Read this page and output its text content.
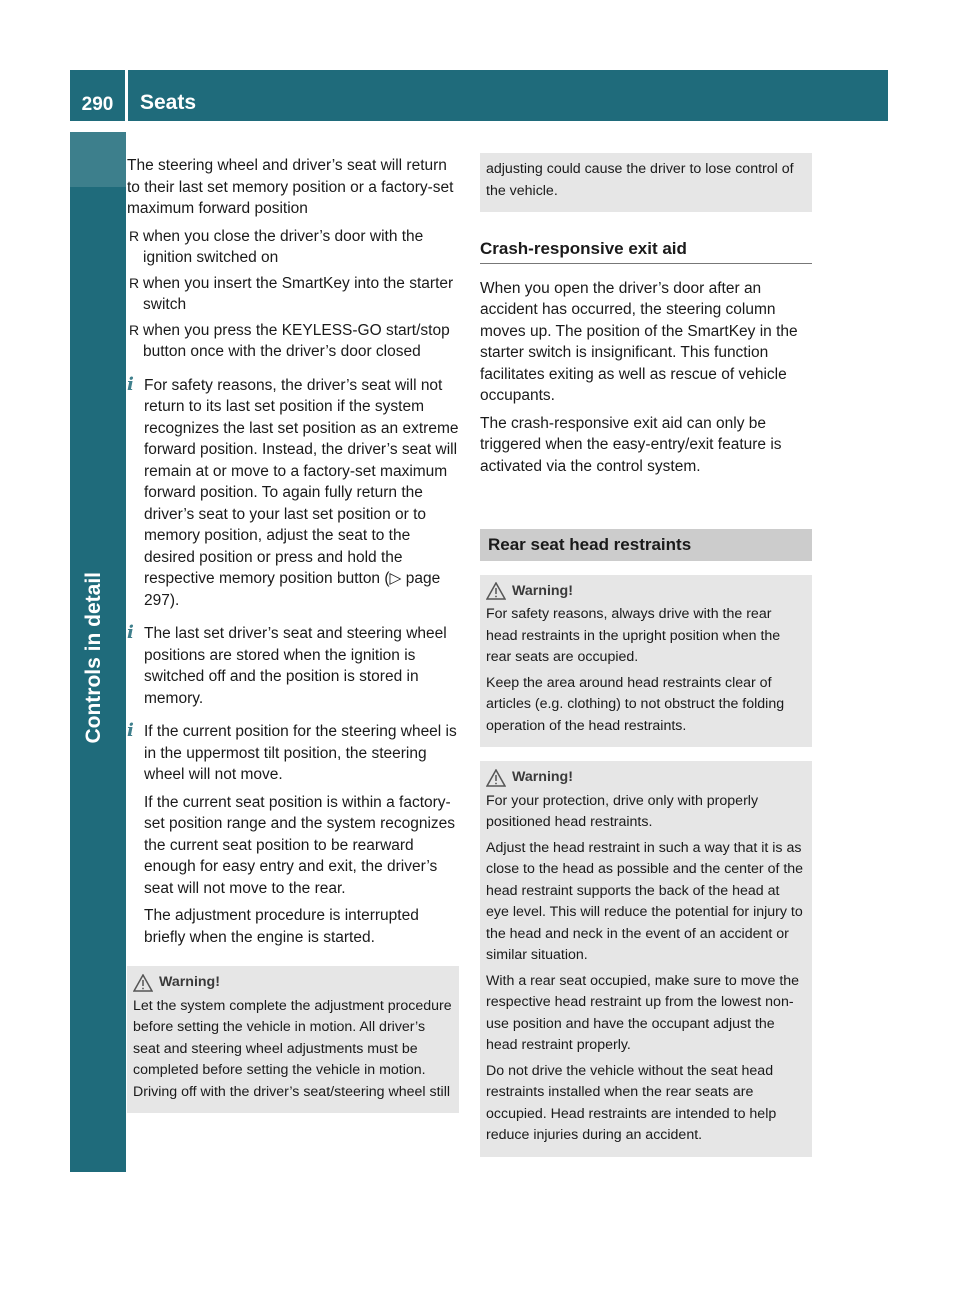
290	Seats
Controls in detail

The steering wheel and driver’s seat will return to their last set memory position or a factory-set maximum forward position

R when you close the driver’s door with the ignition switched on
R when you insert the SmartKey into the starter switch
R when you press the KEYLESS-GO start/stop button once with the driver’s door closed
i For safety reasons, the driver’s seat will not return to its last set position if the system recognizes the last set position as an extreme forward position. Instead, the driver’s seat will remain at or move to a factory-set maximum forward position. To again fully return the driver’s seat to your last set position or to memory position, adjust the seat to the desired position or press and hold the respective memory position button (▷ page 297).
i The last set driver’s seat and steering wheel positions are stored when the ignition is switched off and the position is stored in memory.
i If the current position for the steering wheel is in the uppermost tilt position, the steering wheel will not move.

If the current seat position is within a factory-set position range and the system recognizes the current seat position to be rearward enough for easy entry and exit, the driver’s seat will not move to the rear.

The adjustment procedure is interrupted briefly when the engine is started.

Warning!

Let the system complete the adjustment procedure before setting the vehicle in motion. All driver’s seat and steering wheel adjustments must be completed before setting the vehicle in motion. Driving off with the driver’s seat/steering wheel still

adjusting could cause the driver to lose control of the vehicle.

Crash-responsive exit aid

When you open the driver’s door after an accident has occurred, the steering column moves up. The position of the SmartKey in the starter switch is insignificant. This function facilitates exiting as well as rescue of vehicle occupants.

The crash-responsive exit aid can only be triggered when the easy-entry/exit feature is activated via the control system.

Rear seat head restraints
Warning!

For safety reasons, always drive with the rear head restraints in the upright position when the rear seats are occupied.

Keep the area around head restraints clear of articles (e.g. clothing) to not obstruct the folding operation of the head restraints.

Warning!

For your protection, drive only with properly positioned head restraints.

Adjust the head restraint in such a way that it is as close to the head as possible and the center of the head restraint supports the back of the head at eye level. This will reduce the potential for injury to the head and neck in the event of an accident or similar situation.

With a rear seat occupied, make sure to move the respective head restraint up from the lowest non-use position and have the occupant adjust the head restraint properly.

Do not drive the vehicle without the seat head restraints installed when the rear seats are occupied. Head restraints are intended to help reduce injuries during an accident.
